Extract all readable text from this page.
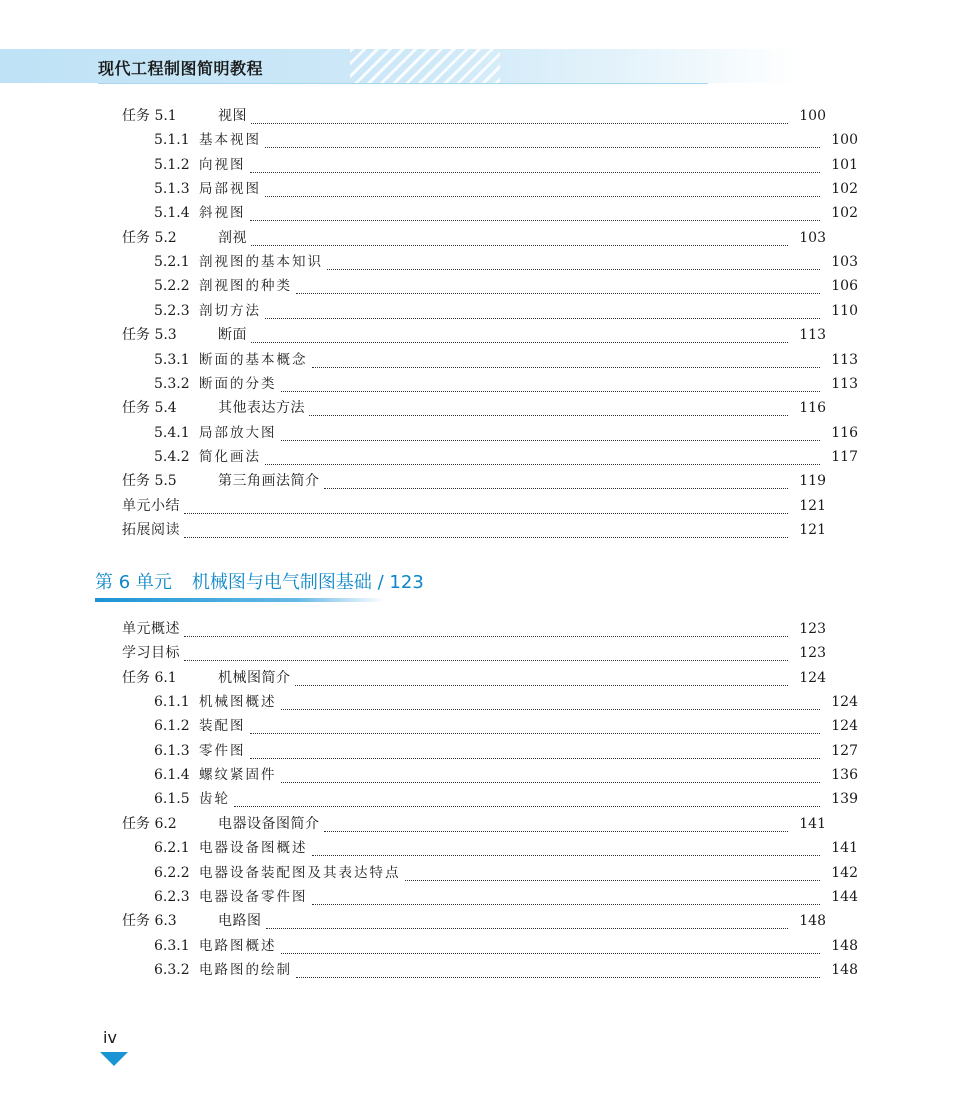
现代工程制图简明教程
任务 5.1	视图	100
5.1.1 基本视图	100
5.1.2 向视图	101
5.1.3 局部视图	102
5.1.4 斜视图	102
任务 5.2	剖视	103
5.2.1 剖视图的基本知识	103
5.2.2 剖视图的种类	106
5.2.3 剖切方法	110
任务 5.3	断面	113
5.3.1 断面的基本概念	113
5.3.2 断面的分类	113
任务 5.4	其他表达方法	116
5.4.1 局部放大图	116
5.4.2 简化画法	117
任务 5.5	第三角画法简介	119
单元小结	121
拓展阅读	121
第 6 单元 机械图与电气制图基础 / 123
单元概述	123
学习目标	123
任务 6.1	机械图简介	124
6.1.1 机械图概述	124
6.1.2 装配图	124
6.1.3 零件图	127
6.1.4 螺纹紧固件	136
6.1.5 齿轮	139
任务 6.2	电器设备图简介	141
6.2.1 电器设备图概述	141
6.2.2 电器设备装配图及其表达特点	142
6.2.3 电器设备零件图	144
任务 6.3	电路图	148
6.3.1 电路图概述	148
6.3.2 电路图的绘制	148
iv
